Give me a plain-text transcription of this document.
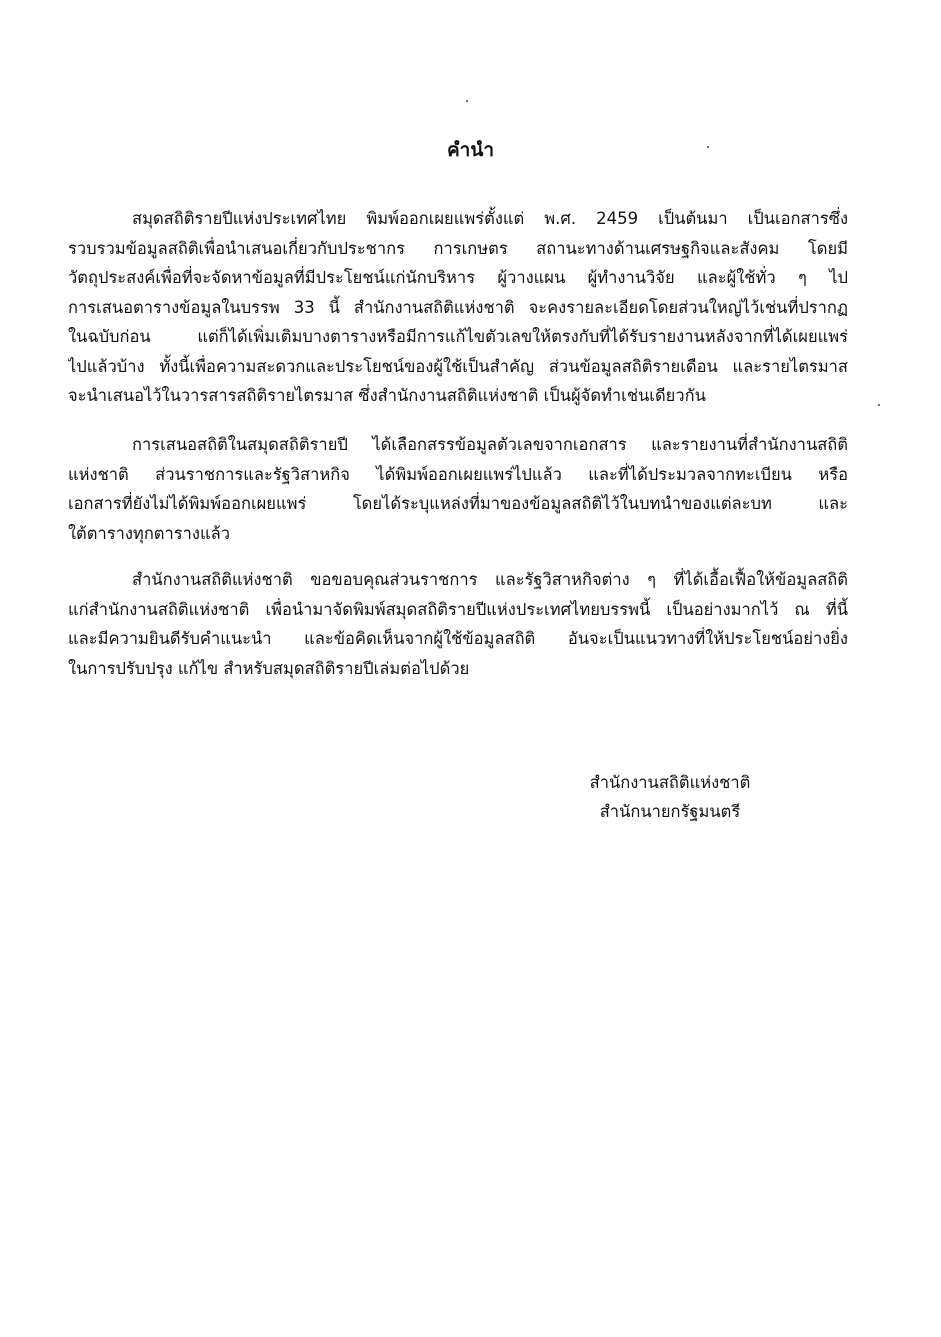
คำนำ
สมุดสถิติรายปีแห่งประเทศไทย พิมพ์ออกเผยแพร่ตั้งแต่ พ.ศ. 2459 เป็นต้นมา เป็นเอกสารซึ่ง
รวบรวมข้อมูลสถิติเพื่อนำเสนอเกี่ยวกับประชากร การเกษตร สถานะทางด้านเศรษฐกิจและสังคม โดยมี
วัตถุประสงค์เพื่อที่จะจัดหาข้อมูลที่มีประโยชน์แก่นักบริหาร ผู้วางแผน ผู้ทำงานวิจัย และผู้ใช้ทั่ว ๆ ไป
การเสนอตารางข้อมูลในบรรพ 33 นี้ สำนักงานสถิติแห่งชาติ จะคงรายละเอียดโดยส่วนใหญ่ไว้เช่นที่ปรากฏ
ในฉบับก่อน แต่ก็ได้เพิ่มเติมบางตารางหรือมีการแก้ไขตัวเลขให้ตรงกับที่ได้รับรายงานหลังจากที่ได้เผยแพร่
ไปแล้วบ้าง ทั้งนี้เพื่อความสะดวกและประโยชน์ของผู้ใช้เป็นสำคัญ ส่วนข้อมูลสถิติรายเดือน และรายไตรมาส
จะนำเสนอไว้ในวารสารสถิติรายไตรมาส ซึ่งสำนักงานสถิติแห่งชาติ เป็นผู้จัดทำเช่นเดียวกัน
การเสนอสถิติในสมุดสถิติรายปี ได้เลือกสรรข้อมูลตัวเลขจากเอกสาร และรายงานที่สำนักงานสถิติ
แห่งชาติ ส่วนราชการและรัฐวิสาหกิจ ได้พิมพ์ออกเผยแพร่ไปแล้ว และที่ได้ประมวลจากทะเบียน หรือ
เอกสารที่ยังไม่ได้พิมพ์ออกเผยแพร่ โดยได้ระบุแหล่งที่มาของข้อมูลสถิติไว้ในบทนำของแต่ละบท และ
ใต้ตารางทุกตารางแล้ว
สำนักงานสถิติแห่งชาติ ขอขอบคุณส่วนราชการ และรัฐวิสาหกิจต่าง ๆ ที่ได้เอื้อเฟื้อให้ข้อมูลสถิติ
แก่สำนักงานสถิติแห่งชาติ เพื่อนำมาจัดพิมพ์สมุดสถิติรายปีแห่งประเทศไทยบรรพนี้ เป็นอย่างมากไว้ ณ ที่นี้
และมีความยินดีรับคำแนะนำ และข้อคิดเห็นจากผู้ใช้ข้อมูลสถิติ อันจะเป็นแนวทางที่ให้ประโยชน์อย่างยิ่ง
ในการปรับปรุง แก้ไข สำหรับสมุดสถิติรายปีเล่มต่อไปด้วย
สำนักงานสถิติแห่งชาติ
สำนักนายกรัฐมนตรี
